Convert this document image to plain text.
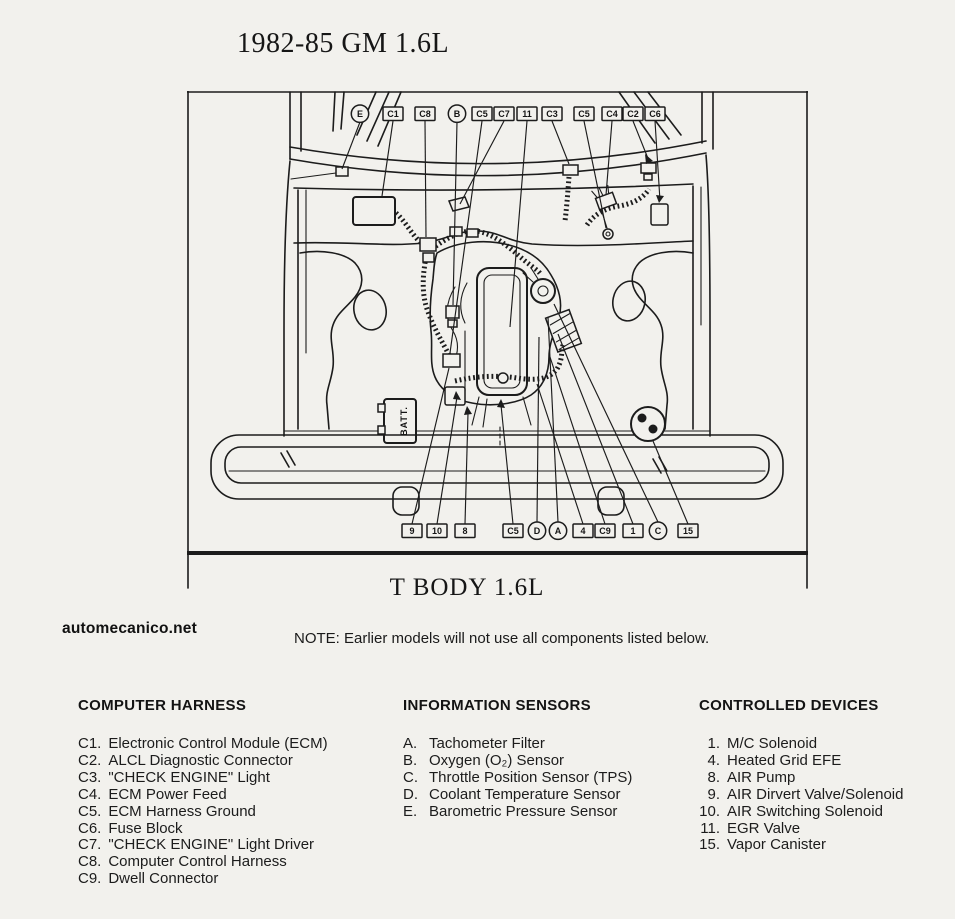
1982-85 GM 1.6L
BATT.
E	C1 C8	B C5 C7 11 C3 C5 C4 C2 C6
9 10 8	C5 D A 4 C9 1 C 15
T BODY 1.6L
automecanico.net
NOTE: Earlier models will not use all components listed below.
COMPUTER HARNESS
C1. Electronic Control Module (ECM)
C2. ALCL Diagnostic Connector
C3. "CHECK ENGINE" Light
C4. ECM Power Feed
C5. ECM Harness Ground
C6. Fuse Block
C7. "CHECK ENGINE" Light Driver
C8. Computer Control Harness
C9. Dwell Connector
INFORMATION SENSORS
A. Tachometer Filter
B. Oxygen (O₂) Sensor
C. Throttle Position Sensor (TPS)
D. Coolant Temperature Sensor
E. Barometric Pressure Sensor
CONTROLLED DEVICES
1. M/C Solenoid
4. Heated Grid EFE
8. AIR Pump
9. AIR Dirvert Valve/Solenoid
10. AIR Switching Solenoid
11. EGR Valve
15. Vapor Canister
